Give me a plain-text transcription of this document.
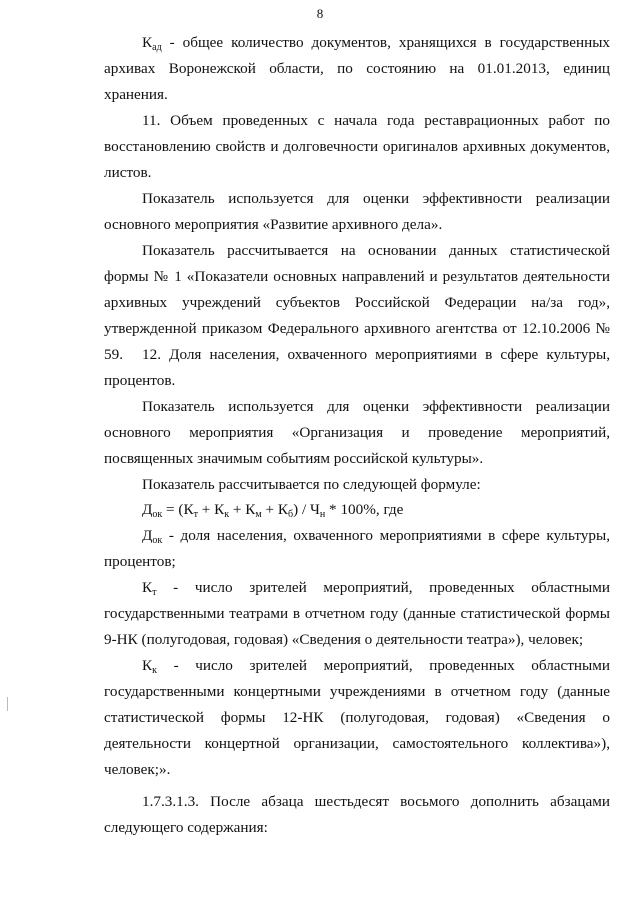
8

$К_{ад}$ - общее количество документов, хранящихся в государственных архивах Воронежской области, по состоянию на 01.01.2013, единиц хранения.

11. Объем проведенных с начала года реставрационных работ по восстановлению свойств и долговечности оригиналов архивных документов, листов.

Показатель используется для оценки эффективности реализации основного мероприятия «Развитие архивного дела».

Показатель рассчитывается на основании данных статистической формы № 1 «Показатели основных направлений и результатов деятельности архивных учреждений субъектов Российской Федерации на/за год», утвержденной приказом Федерального архивного агентства от 12.10.2006 № 59.	12. Доля населения, охваченного мероприятиями в сфере культуры, процентов.

Показатель используется для оценки эффективности реализации основного мероприятия «Организация и проведение мероприятий, посвященных значимым событиям российской культуры».

Показатель рассчитывается по следующей формуле:

$Д_{ок} = (К_т + К_к + К_м + К_б) / Ч_н * 100\%$, где

$Д_{ок}$ - доля населения, охваченного мероприятиями в сфере культуры, процентов;

$К_т$ - число зрителей мероприятий, проведенных областными государственными театрами в отчетном году (данные статистической формы 9-НК (полугодовая, годовая) «Сведения о деятельности театра»), человек;

$К_к$ - число зрителей мероприятий, проведенных областными государственными концертными учреждениями в отчетном году (данные статистической формы 12-НК (полугодовая, годовая) «Сведения о деятельности концертной организации, самостоятельного коллектива»), человек;».

1.7.3.1.3. После абзаца шестьдесят восьмого дополнить абзацами следующего содержания:
